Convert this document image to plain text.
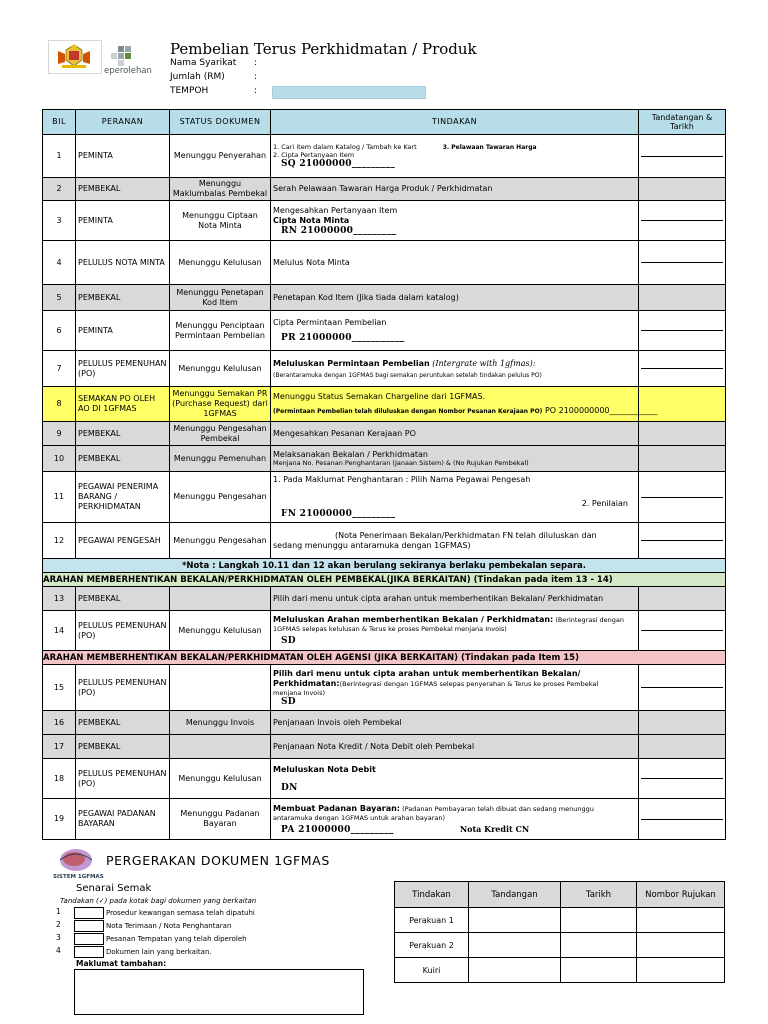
eperolehan
Pembelian Terus Perkhidmatan / Produk
Nama Syarikat :
Jumlah (RM)	:
TEMPOH	:
BIL	PERANAN	STATUS DOKUMEN	TINDAKAN	Tandatangan & Tarikh
1	PEMINTA	Menunggu Penyerahan	1. Cari item dalam Katalog / Tambah ke Kart 3. Pelawaan Tawaran Harga
2. Cipta Pertanyaan Item
SQ 21000000_________	

2	PEMBEKAL	Menunggu Maklumbalas Pembekal	Serah Pelawaan Tawaran Harga Produk / Perkhidmatan	
3	PEMINTA	Menunggu Ciptaan Nota Minta	Mengesahkan Pertanyaan Item
Cipta Nota Minta
RN 21000000_________	

4	PELULUS NOTA MINTA	Menunggu Kelulusan	Melulus Nota Minta	

5	PEMBEKAL	Menunggu Penetapan Kod Item	Penetapan Kod Item (Jika tiada dalam katalog)	
6	PEMINTA	Menunggu Penciptaan Permintaan Pembelian	Cipta Permintaan Pembelian
PR 21000000___________	

7	PELULUS PEMENUHAN (PO)	Menunggu Kelulusan	Meluluskan Permintaan Pembelian (Intergrate with 1gfmas):
(Berantaramuka dengan 1GFMAS bagi semakan peruntukan setelah tindakan pelulus PO)	

8	SEMAKAN PO OLEH AO DI 1GFMAS	Menunggu Semakan PR (Purchase Request) dari 1GFMAS	Menunggu Status Semakan Chargeline dari 1GFMAS.
(Permintaan Pembelian telah diluluskan dengan Nombor Pesanan Kerajaan PO) PO 2100000000____________	

9	PEMBEKAL	Menunggu Pengesahan Pembekal	Mengesahkan Pesanan Kerajaan PO	
10	PEMBEKAL	Menunggu Pemenuhan	Melaksanakan Bekalan / Perkhidmatan
Menjana No. Pesanan Penghantaran (Janaan Sistem) & (No Rujukan Pembekal)	

11	PEGAWAI PENERIMA BARANG / PERKHIDMATAN	Menunggu Pengesahan	1. Pada Maklumat Penghantaran : Pilih Nama Pegawai Pengesah
2. Penilaian
FN 21000000_________	

12	PEGAWAI PENGESAH	Menunggu Pengesahan	(Nota Penerimaan Bekalan/Perkhidmatan FN telah diluluskan dan
sedang menunggu antaramuka dengan 1GFMAS)	

*Nota : Langkah 10.11 dan 12 akan berulang sekiranya berlaku pembekalan separa.				
ARAHAN MEMBERHENTIKAN BEKALAN/PERKHIDMATAN OLEH PEMBEKAL(JIKA BERKAITAN) (Tindakan pada item 13 - 14)				
13	PEMBEKAL		Pilih dari menu untuk cipta arahan untuk memberhentikan Bekalan/ Perkhidmatan	
14	PELULUS PEMENUHAN (PO)	Menunggu Kelulusan	Meluluskan Arahan memberhentikan Bekalan / Perkhidmatan: (Berintegrasi dengan
1GFMAS selepas kelulusan & Terus ke proses Pembekal menjana Invois)
SD	

ARAHAN MEMBERHENTIKAN BEKALAN/PERKHIDMATAN OLEH AGENSI (JIKA BERKAITAN) (Tindakan pada Item 15)				
15	PELULUS PEMENUHAN (PO)		Pilih dari menu untuk cipta arahan untuk memberhentikan Bekalan/
Perkhidmatan:(Berintegrasi dengan 1GFMAS selepas penyerahan & Terus ke proses Pembekal
menjana Invois)
SD	

16	PEMBEKAL	Menunggu Invois	Penjanaan Invois oleh Pembekal	
17	PEMBEKAL		Penjanaan Nota Kredit / Nota Debit oleh Pembekal	
18	PELULUS PEMENUHAN (PO)	Menunggu Kelulusan	Meluluskan Nota Debit
DN	

19	PEGAWAI PADANAN BAYARAN	Menunggu Padanan Bayaran	Membuat Padanan Bayaran: (Padanan Pembayaran telah dibuat dan sedang menunggu
antaramuka dengan 1GFMAS untuk arahan bayaran)
PA 21000000_________ Nota Kredit CN	

SISTEM 1GFMAS
PERGERAKAN DOKUMEN 1GFMAS
Senarai Semak
Tandakan (✓) pada kotak bagi dokumen yang berkaitan
1	Prosedur kewangan semasa telah dipatuhi
2	Nota Terimaan / Nota Penghantaran
3	Pesanan Tempatan yang telah diperoleh
4	Dokumen lain yang berkaitan.
Maklumat tambahan:
Tindakan	Tandangan	Tarikh	Nombor Rujukan
Perakuan 1			
Perakuan 2			
Kuiri			
